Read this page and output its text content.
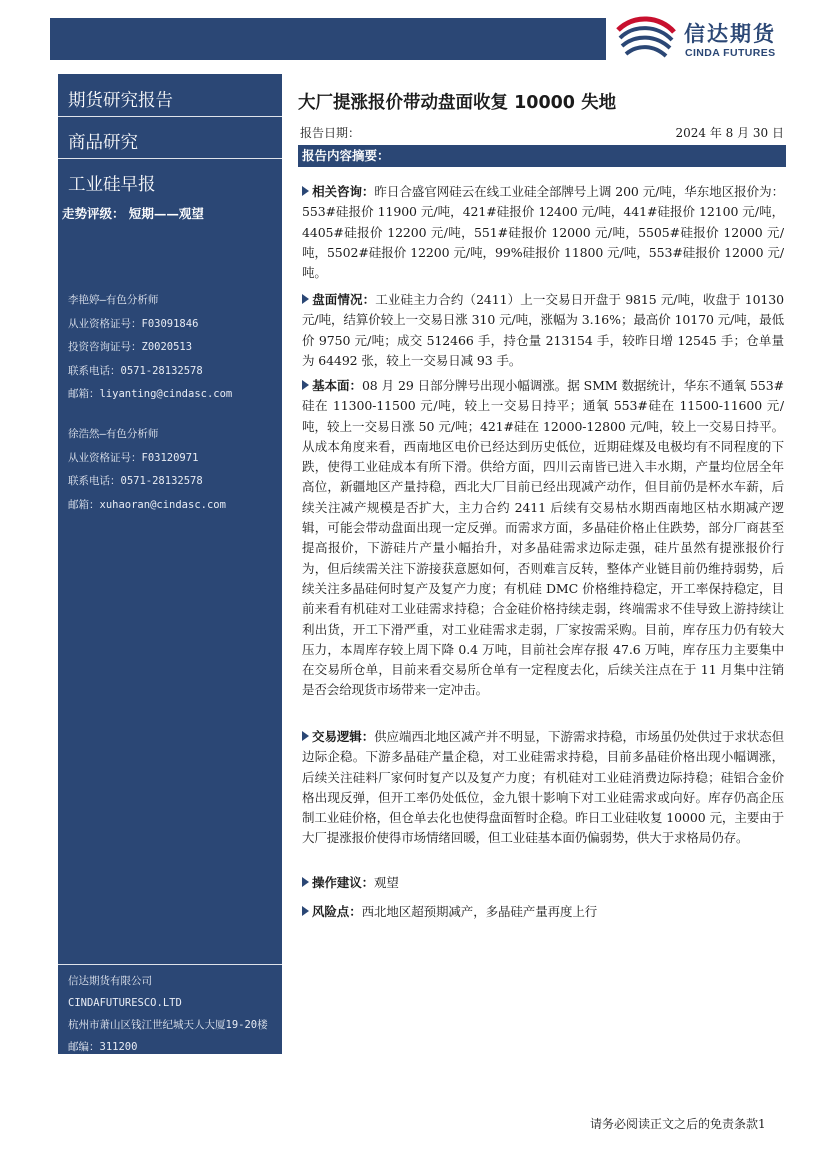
信达期货
CINDA FUTURES
期货研究报告
商品研究
工业硅早报
走势评级： 短期——观望
李艳婷—有色分析师
从业资格证号：F03091846
投资咨询证号：Z0020513
联系电话：0571-28132578
邮箱：liyanting@cindasc.com
徐浩然—有色分析师
从业资格证号：F03120971
联系电话：0571-28132578
邮箱：xuhaoran@cindasc.com
信达期货有限公司
CINDAFUTURESCO.LTD
杭州市萧山区钱江世纪城天人大厦19-20楼
邮编：311200
大厂提涨报价带动盘面收复 10000 失地
报告日期：	2024 年 8 月 30 日
报告内容摘要：
相关咨询：昨日合盛官网硅云在线工业硅全部牌号上调 200 元/吨，华东地区报价为：553#硅报价 11900 元/吨，421#硅报价 12400 元/吨，441#硅报价 12100 元/吨，4405#硅报价 12200 元/吨，551#硅报价 12000 元/吨，5505#硅报价 12000 元/吨，5502#硅报价 12200 元/吨，99%硅报价 11800 元/吨，553#硅报价 12000 元/吨。
盘面情况：工业硅主力合约（2411）上一交易日开盘于 9815 元/吨，收盘于 10130 元/吨，结算价较上一交易日涨 310 元/吨，涨幅为 3.16%；最高价 10170 元/吨，最低价 9750 元/吨；成交 512466 手，持仓量 213154 手，较昨日增 12545 手；仓单量为 64492 张，较上一交易日减 93 手。
基本面：08 月 29 日部分牌号出现小幅调涨。据 SMM 数据统计，华东不通氧 553#硅在 11300-11500 元/吨，较上一交易日持平；通氧 553#硅在 11500-11600 元/吨，较上一交易日涨 50 元/吨；421#硅在 12000-12800 元/吨，较上一交易日持平。从成本角度来看，西南地区电价已经达到历史低位，近期硅煤及电极均有不同程度的下跌，使得工业硅成本有所下滑。供给方面，四川云南皆已进入丰水期，产量均位居全年高位，新疆地区产量持稳，西北大厂目前已经出现减产动作，但目前仍是杯水车薪，后续关注减产规模是否扩大，主力合约 2411 后续有交易枯水期西南地区枯水期减产逻辑，可能会带动盘面出现一定反弹。而需求方面，多晶硅价格止住跌势，部分厂商甚至提高报价，下游硅片产量小幅抬升，对多晶硅需求边际走强，硅片虽然有提涨报价行为，但后续需关注下游接获意愿如何，否则难言反转，整体产业链目前仍维持弱势，后续关注多晶硅何时复产及复产力度；有机硅 DMC 价格维持稳定，开工率保持稳定，目前来看有机硅对工业硅需求持稳；合金硅价格持续走弱，终端需求不佳导致上游持续让利出货，开工下滑严重，对工业硅需求走弱，厂家按需采购。目前，库存压力仍有较大压力，本周库存较上周下降 0.4 万吨，目前社会库存报 47.6 万吨，库存压力主要集中在交易所仓单，目前来看交易所仓单有一定程度去化，后续关注点在于 11 月集中注销是否会给现货市场带来一定冲击。
交易逻辑：供应端西北地区减产并不明显，下游需求持稳，市场虽仍处供过于求状态但边际企稳。下游多晶硅产量企稳，对工业硅需求持稳，目前多晶硅价格出现小幅调涨，后续关注硅料厂家何时复产以及复产力度；有机硅对工业硅消费边际持稳；硅铝合金价格出现反弹，但开工率仍处低位，金九银十影响下对工业硅需求或向好。库存仍高企压制工业硅价格，但仓单去化也使得盘面暂时企稳。昨日工业硅收复 10000 元，主要由于大厂提涨报价使得市场情绪回暖，但工业硅基本面仍偏弱势，供大于求格局仍存。
操作建议：观望
风险点：西北地区超预期减产，多晶硅产量再度上行
请务必阅读正文之后的免责条款1
